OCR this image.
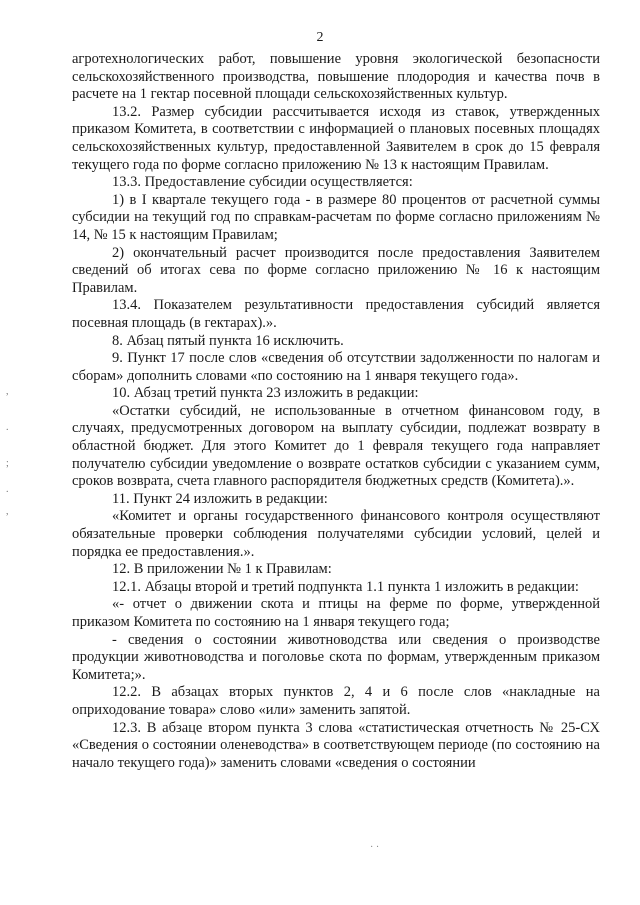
2

агротехнологических работ, повышение уровня экологической безопасности сельскохозяйственного производства, повышение плодородия и качества почв в расчете на 1 гектар посевной площади сельскохозяйственных культур.

13.2. Размер субсидии рассчитывается исходя из ставок, утвержденных приказом Комитета, в соответствии с информацией о плановых посевных площадях сельскохозяйственных культур, предоставленной Заявителем в срок до 15 февраля текущего года по форме согласно приложению № 13 к настоящим Правилам.

13.3. Предоставление субсидии осуществляется:

1) в I квартале текущего года - в размере 80 процентов от расчетной суммы субсидии на текущий год по справкам-расчетам по форме согласно приложениям № 14, № 15 к настоящим Правилам;

2) окончательный расчет производится после предоставления Заявителем сведений об итогах сева по форме согласно приложению № 16 к настоящим Правилам.

13.4. Показателем результативности предоставления субсидий является посевная площадь (в гектарах).».

8. Абзац пятый пункта 16 исключить.

9. Пункт 17 после слов «сведения об отсутствии задолженности по налогам и сборам» дополнить словами «по состоянию на 1 января текущего года».

10. Абзац третий пункта 23 изложить в редакции:

«Остатки субсидий, не использованные в отчетном финансовом году, в случаях, предусмотренных договором на выплату субсидии, подлежат возврату в областной бюджет. Для этого Комитет до 1 февраля текущего года направляет получателю субсидии уведомление о возврате остатков субсидии с указанием сумм, сроков возврата, счета главного распорядителя бюджетных средств (Комитета).».

11. Пункт 24 изложить в редакции:

«Комитет и органы государственного финансового контроля осуществляют обязательные проверки соблюдения получателями субсидии условий, целей и порядка ее предоставления.».

12. В приложении № 1 к Правилам:

12.1. Абзацы второй и третий подпункта 1.1 пункта 1 изложить в редакции:

«- отчет о движении скота и птицы на ферме по форме, утвержденной приказом Комитета по состоянию на 1 января текущего года;

- сведения о состоянии животноводства или сведения о производстве продукции животноводства и поголовье скота по формам, утвержденным приказом Комитета;».

12.2. В абзацах вторых пунктов 2, 4 и 6 после слов «накладные на оприходование товара» слово «или» заменить запятой.

12.3. В абзаце втором пункта 3 слова «статистическая отчетность № 25-СХ «Сведения о состоянии оленеводства» в соответствующем периоде (по состоянию на начало текущего года)» заменить словами «сведения о состоянии

,
.
;
.
,
· ·
